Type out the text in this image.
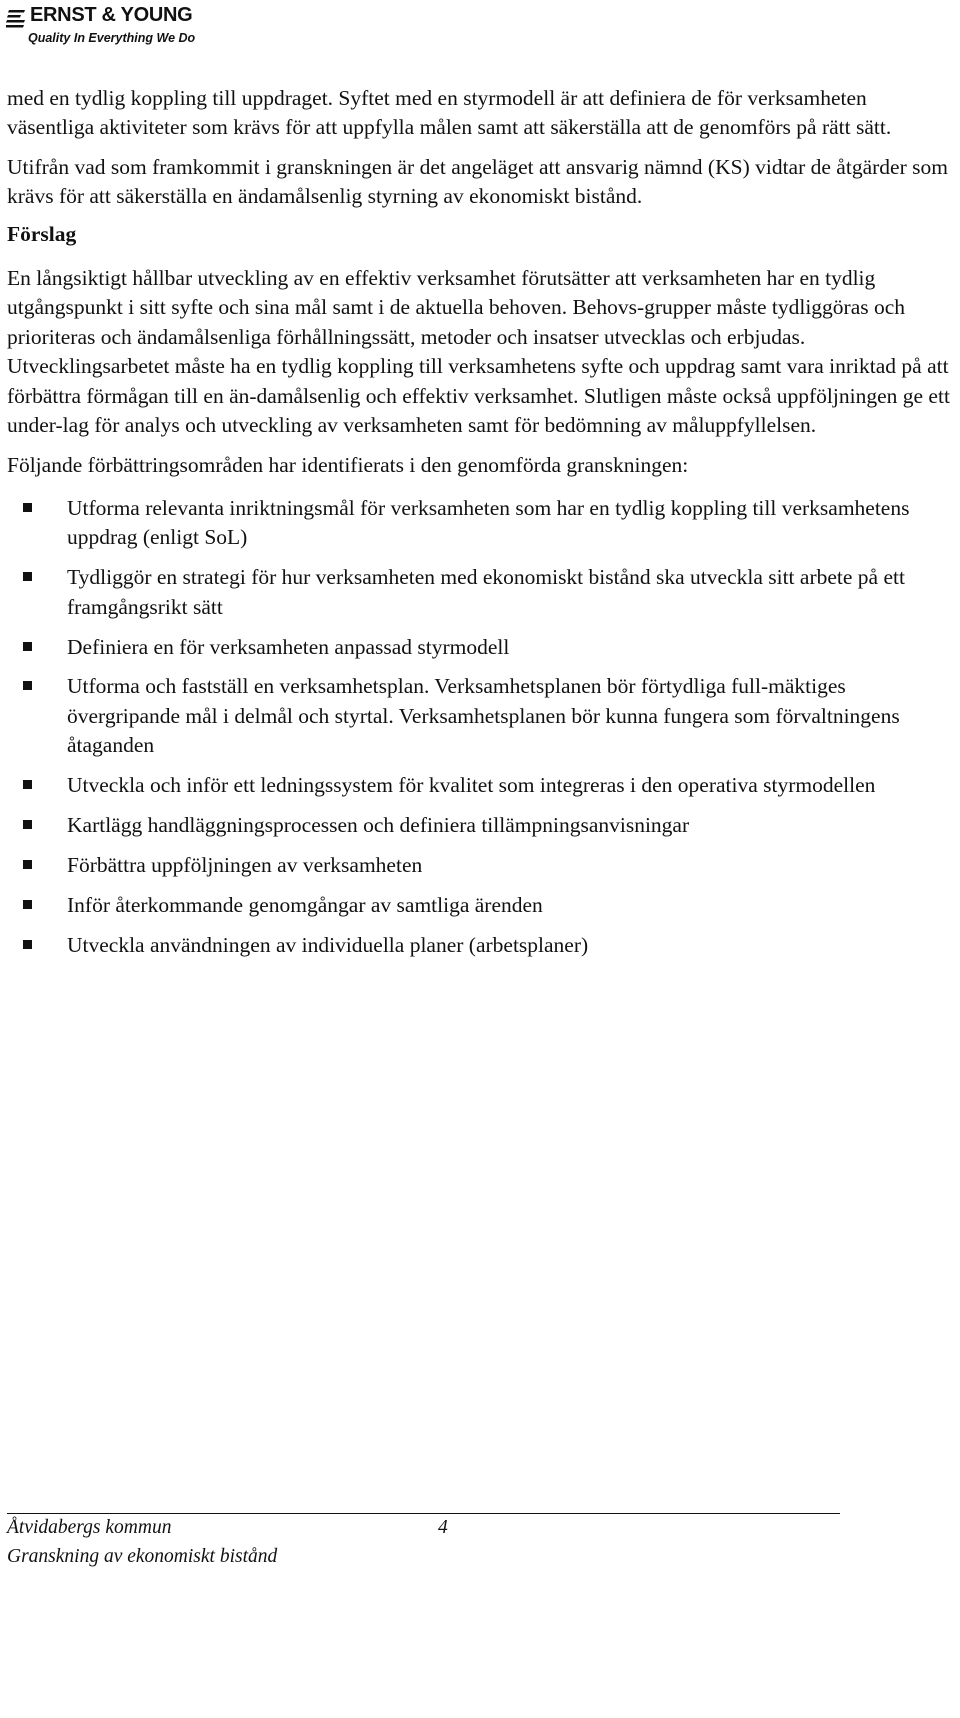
ERNST & YOUNG
Quality In Everything We Do

med en tydlig koppling till uppdraget. Syftet med en styrmodell är att definiera de för verksamheten väsentliga aktiviteter som krävs för att uppfylla målen samt att säkerställa att de genomförs på rätt sätt.

Utifrån vad som framkommit i granskningen är det angeläget att ansvarig nämnd (KS) vidtar de åtgärder som krävs för att säkerställa en ändamålsenlig styrning av ekonomiskt bistånd.

Förslag

En långsiktigt hållbar utveckling av en effektiv verksamhet förutsätter att verksamheten har en tydlig utgångspunkt i sitt syfte och sina mål samt i de aktuella behoven. Behovs-grupper måste tydliggöras och prioriteras och ändamålsenliga förhållningssätt, metoder och insatser utvecklas och erbjudas. Utvecklingsarbetet måste ha en tydlig koppling till verksamhetens syfte och uppdrag samt vara inriktad på att förbättra förmågan till en än-damålsenlig och effektiv verksamhet. Slutligen måste också uppföljningen ge ett under-lag för analys och utveckling av verksamheten samt för bedömning av måluppfyllelsen.

Följande förbättringsområden har identifierats i den genomförda granskningen:

Utforma relevanta inriktningsmål för verksamheten som har en tydlig koppling till verksamhetens uppdrag (enligt SoL)
Tydliggör en strategi för hur verksamheten med ekonomiskt bistånd ska utveckla sitt arbete på ett framgångsrikt sätt
Definiera en för verksamheten anpassad styrmodell
Utforma och fastställ en verksamhetsplan. Verksamhetsplanen bör förtydliga full-mäktiges övergripande mål i delmål och styrtal. Verksamhetsplanen bör kunna fungera som förvaltningens åtaganden
Utveckla och inför ett ledningssystem för kvalitet som integreras i den operativa styrmodellen
Kartlägg handläggningsprocessen och definiera tillämpningsanvisningar
Förbättra uppföljningen av verksamheten
Inför återkommande genomgångar av samtliga ärenden
Utveckla användningen av individuella planer (arbetsplaner)
Åtvidabergs kommun
Granskning av ekonomiskt bistånd
4
